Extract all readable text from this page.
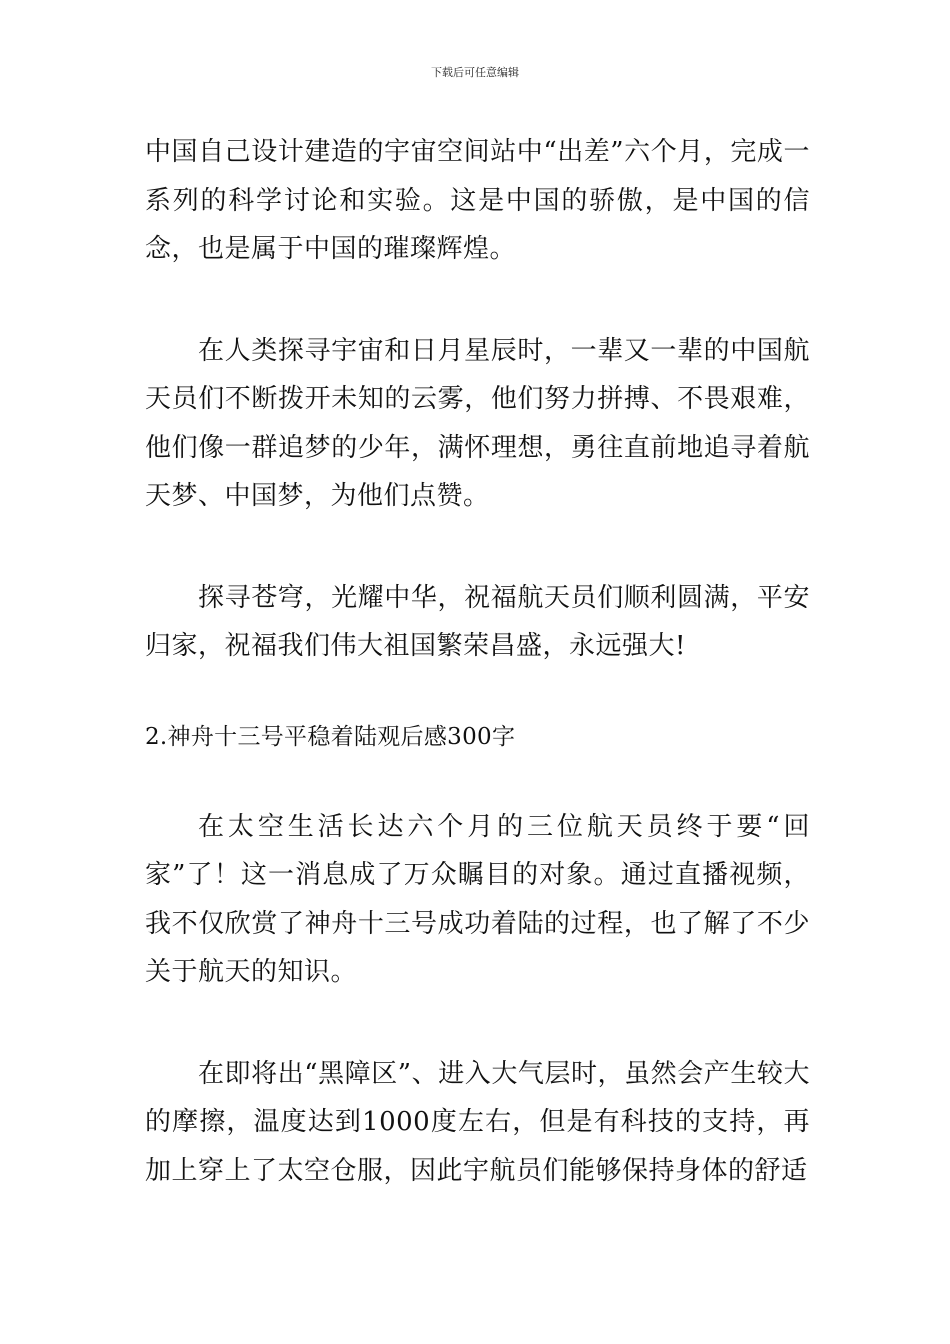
下载后可任意编辑

中国自己设计建造的宇宙空间站中“出差”六个月，完成一系列的科学讨论和实验。这是中国的骄傲，是中国的信念，也是属于中国的璀璨辉煌。

在人类探寻宇宙和日月星辰时，一辈又一辈的中国航天员们不断拨开未知的云雾，他们努力拼搏、不畏艰难，他们像一群追梦的少年，满怀理想，勇往直前地追寻着航天梦、中国梦，为他们点赞。

探寻苍穹，光耀中华，祝福航天员们顺利圆满，平安归家，祝福我们伟大祖国繁荣昌盛，永远强大!

2.神舟十三号平稳着陆观后感300字

在太空生活长达六个月的三位航天员终于要“回家”了！这一消息成了万众瞩目的对象。通过直播视频，我不仅欣赏了神舟十三号成功着陆的过程，也了解了不少关于航天的知识。

在即将出“黑障区”、进入大气层时，虽然会产生较大的摩擦，温度达到1000度左右，但是有科技的支持，再加上穿上了太空仓服，因此宇航员们能够保持身体的舒适
